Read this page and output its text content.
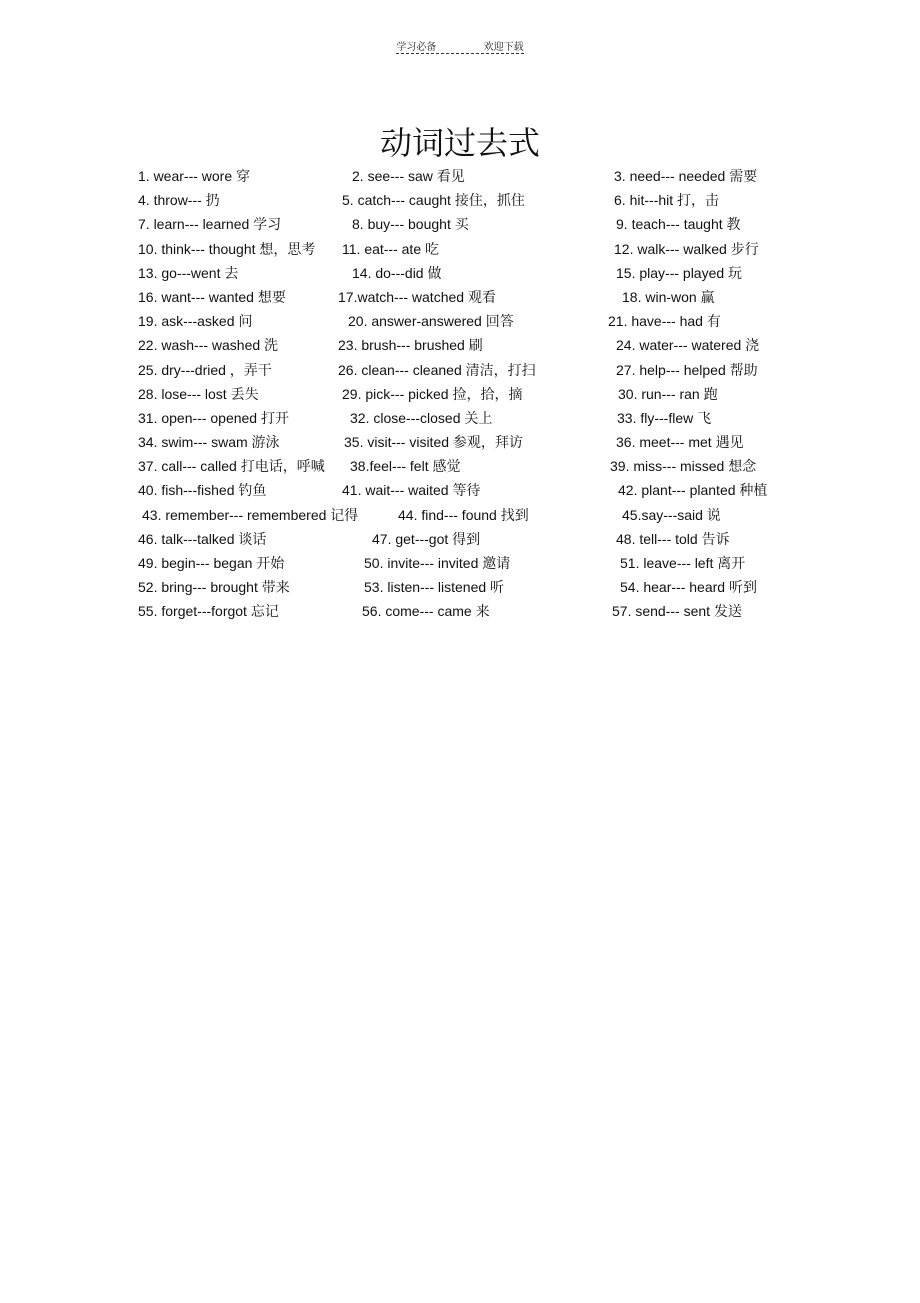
学习必备	欢迎下载
动词过去式
1. wear--- wore 穿	2. see--- saw 看见	3. need--- needed 需要
4. throw--- 扔	5. catch--- caught 接住，抓住	6. hit---hit 打，击
7. learn--- learned 学习	8. buy--- bought 买	9. teach--- taught 教
10. think--- thought 想，思考 11. eat--- ate 吃	12. walk--- walked 步行
13. go---went 去	14. do---did 做	15. play--- played 玩
16. want--- wanted 想要	17.watch--- watched 观看	18. win-won 赢
19. ask---asked 问	20. answer-answered 回答	21. have--- had 有
22. wash--- washed 洗	23. brush--- brushed 刷	24. water--- watered 浇
25. dry---dried ，弄干	26. clean--- cleaned 清洁，打扫	27. help--- helped 帮助
28. lose--- lost 丢失	29. pick--- picked 捡，拾，摘	30. run--- ran 跑
31. open--- opened 打开	32. close---closed 关上	33. fly---flew 飞
34. swim--- swam 游泳	35. visit--- visited 参观，拜访	36. meet--- met 遇见
37. call--- called 打电话，呼喊 38.feel--- felt 感觉	39. miss--- missed 想念
40. fish---fished 钓鱼	41. wait--- waited 等待	42. plant--- planted 种植
43. remember--- remembered 记得	44. find--- found 找到	45.say---said 说
46. talk---talked 谈话	47. get---got 得到	48. tell--- told 告诉
49. begin--- began 开始	50. invite--- invited 邀请	51. leave--- left 离开
52. bring--- brought 带来	53. listen--- listened 听	54. hear--- heard 听到
55. forget---forgot 忘记	56. come--- came 来	57. send--- sent 发送
